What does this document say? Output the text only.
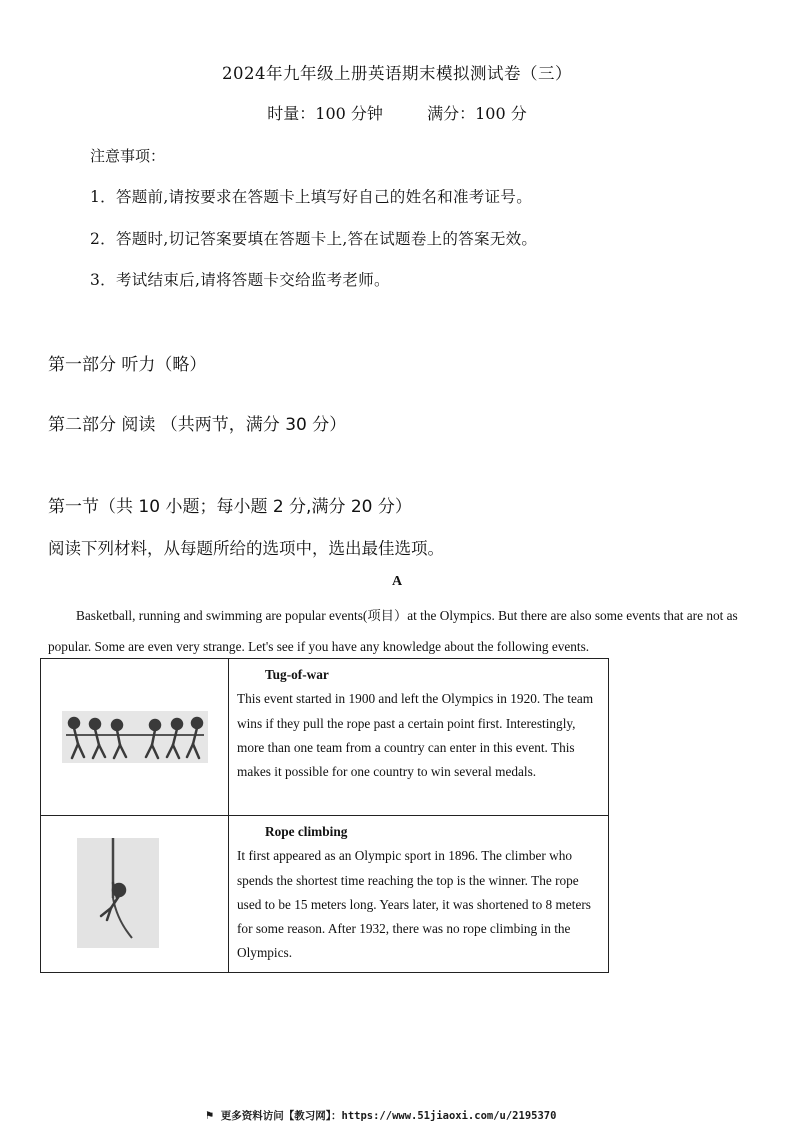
2024年九年级上册英语期末模拟测试卷（三）
时量：100 分钟	满分：100 分
注意事项：
1．答题前,请按要求在答题卡上填写好自己的姓名和准考证号。
2．答题时,切记答案要填在答题卡上,答在试题卷上的答案无效。
3．考试结束后,请将答题卡交给监考老师。
第一部分 听力（略）
第二部分 阅读 （共两节，满分 30 分）
第一节（共 10 小题；每小题 2 分,满分 20 分）
阅读下列材料，从每题所给的选项中，选出最佳选项。
A
Basketball, running and swimming are popular events(项目）at the Olympics. But there are also some events that are not as popular. Some are even very strange. Let's see if you have any knowledge about the following events.

Tug-of-war
This event started in 1900 and left the Olympics in 1920. The team wins if they pull the rope past a certain point first. Interestingly, more than one team from a country can enter in this event. This makes it possible for one country to win several medals.

Rope climbing
It first appeared as an Olympic sport in 1896. The climber who spends the shortest time reaching the top is the winner. The rope used to be 15 meters long. Years later, it was shortened to 8 meters for some reason. After 1932, there was no rope climbing in the Olympics.
⚑ 更多资料访问【教习网】：https://www.51jiaoxi.com/u/2195370
